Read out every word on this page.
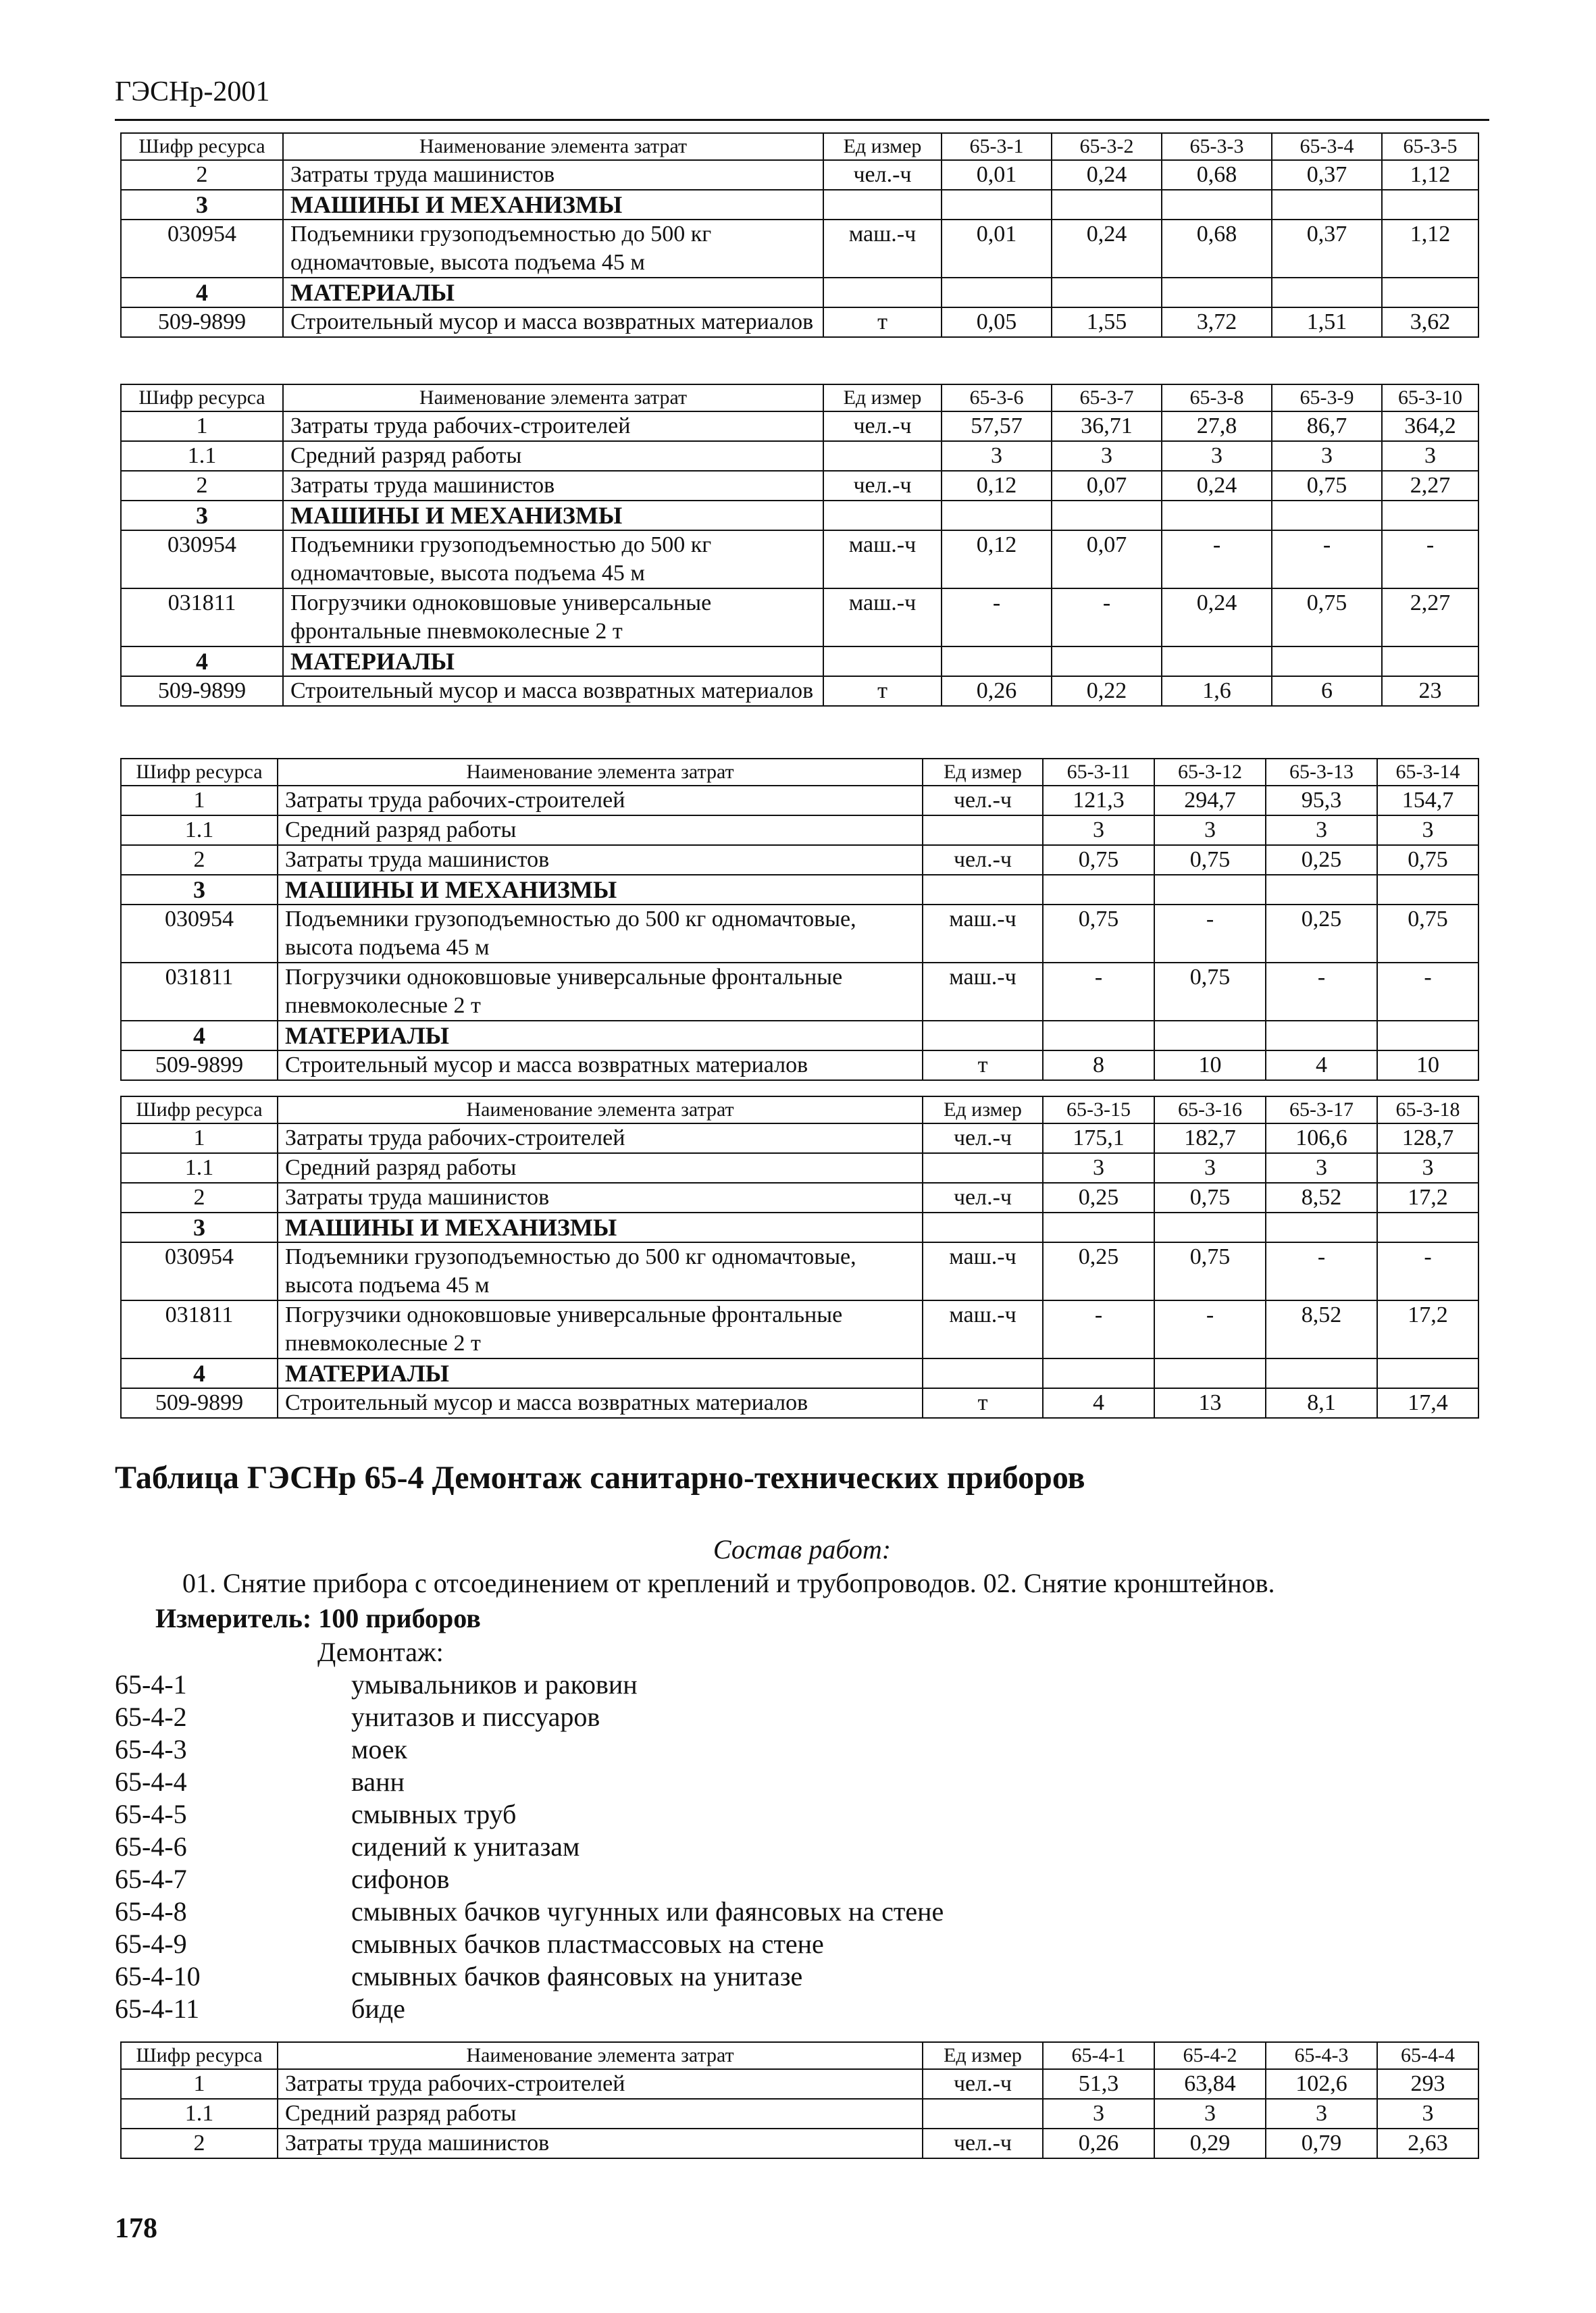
ГЭСНр-2001
Шифр ресурса	Наименование элемента затрат	Ед измер	65-3-1	65-3-2	65-3-3	65-3-4	65-3-5
2	Затраты труда машинистов	чел.-ч	0,01	0,24	0,68	0,37	1,12
3	МАШИНЫ И МЕХАНИЗМЫ						
030954	Подъемники грузоподъемностью до 500 кг одномачтовые, высота подъема 45 м	маш.-ч	0,01	0,24	0,68	0,37	1,12
4	МАТЕРИАЛЫ						
509-9899	Строительный мусор и масса возвратных материалов	т	0,05	1,55	3,72	1,51	3,62
Шифр ресурса	Наименование элемента затрат	Ед измер	65-3-6	65-3-7	65-3-8	65-3-9	65-3-10
1	Затраты труда рабочих-строителей	чел.-ч	57,57	36,71	27,8	86,7	364,2
1.1	Средний разряд работы		3	3	3	3	3
2	Затраты труда машинистов	чел.-ч	0,12	0,07	0,24	0,75	2,27
3	МАШИНЫ И МЕХАНИЗМЫ						
030954	Подъемники грузоподъемностью до 500 кг одномачтовые, высота подъема 45 м	маш.-ч	0,12	0,07	-	-	-
031811	Погрузчики одноковшовые универсальные фронтальные пневмоколесные 2 т	маш.-ч	-	-	0,24	0,75	2,27
4	МАТЕРИАЛЫ						
509-9899	Строительный мусор и масса возвратных материалов	т	0,26	0,22	1,6	6	23
Шифр ресурса	Наименование элемента затрат	Ед измер	65-3-11	65-3-12	65-3-13	65-3-14
1	Затраты труда рабочих-строителей	чел.-ч	121,3	294,7	95,3	154,7
1.1	Средний разряд работы		3	3	3	3
2	Затраты труда машинистов	чел.-ч	0,75	0,75	0,25	0,75
3	МАШИНЫ И МЕХАНИЗМЫ					
030954	Подъемники грузоподъемностью до 500 кг одномачтовые, высота подъема 45 м	маш.-ч	0,75	-	0,25	0,75
031811	Погрузчики одноковшовые универсальные фронтальные пневмоколесные 2 т	маш.-ч	-	0,75	-	-
4	МАТЕРИАЛЫ					
509-9899	Строительный мусор и масса возвратных материалов	т	8	10	4	10
Шифр ресурса	Наименование элемента затрат	Ед измер	65-3-15	65-3-16	65-3-17	65-3-18
1	Затраты труда рабочих-строителей	чел.-ч	175,1	182,7	106,6	128,7
1.1	Средний разряд работы		3	3	3	3
2	Затраты труда машинистов	чел.-ч	0,25	0,75	8,52	17,2
3	МАШИНЫ И МЕХАНИЗМЫ					
030954	Подъемники грузоподъемностью до 500 кг одномачтовые, высота подъема 45 м	маш.-ч	0,25	0,75	-	-
031811	Погрузчики одноковшовые универсальные фронтальные пневмоколесные 2 т	маш.-ч	-	-	8,52	17,2
4	МАТЕРИАЛЫ					
509-9899	Строительный мусор и масса возвратных материалов	т	4	13	8,1	17,4
Таблица ГЭСНр 65-4 Демонтаж санитарно-технических приборов
Состав работ:
01. Снятие прибора с отсоединением от креплений и трубопроводов. 02. Снятие кронштейнов.
Измеритель: 100 приборов
Демонтаж:
65-4-1	умывальников и раковин
65-4-2	унитазов и писсуаров
65-4-3	моек
65-4-4	ванн
65-4-5	смывных труб
65-4-6	сидений к унитазам
65-4-7	сифонов
65-4-8	смывных бачков чугунных или фаянсовых на стене
65-4-9	смывных бачков пластмассовых на стене
65-4-10	смывных бачков фаянсовых на унитазе
65-4-11	биде
Шифр ресурса	Наименование элемента затрат	Ед измер	65-4-1	65-4-2	65-4-3	65-4-4
1	Затраты труда рабочих-строителей	чел.-ч	51,3	63,84	102,6	293
1.1	Средний разряд работы		3	3	3	3
2	Затраты труда машинистов	чел.-ч	0,26	0,29	0,79	2,63
178
